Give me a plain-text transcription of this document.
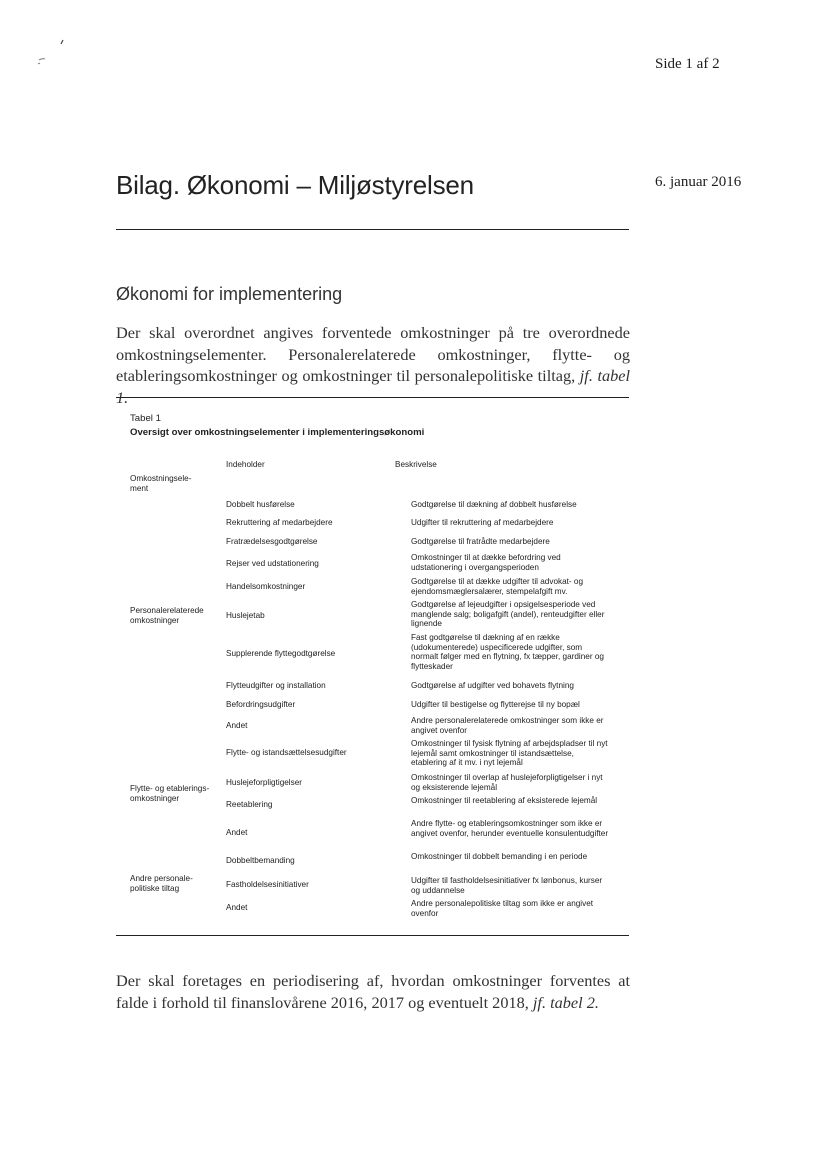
Side 1 af 2
6. januar 2016
Bilag. Økonomi – Miljøstyrelsen
Økonomi for implementering
Der skal overordnet angives forventede omkostninger på tre overordnede omkostningselementer. Personalerelaterede omkostninger, flytte- og etableringsomkostninger og omkostninger til personalepolitiske tiltag, jf. tabel 1.
Tabel 1
Oversigt over omkostningselementer i implementeringsøkonomi
Indeholder	Beskrivelse
Omkostningsele-ment
Personalerelaterede omkostninger
Flytte- og etablerings-omkostninger
Andre personale-politiske tiltag
Dobbelt husførelse
Rekruttering af medarbejdere
Fratrædelsesgodtgørelse
Rejser ved udstationering
Handelsomkostninger
Huslejetab
Supplerende flyttegodtgørelse
Flytteudgifter og installation
Befordringsudgifter
Andet
Flytte- og istandsættelsesudgifter
Huslejeforpligtigelser
Reetablering
Andet
Dobbeltbemanding
Fastholdelsesinitiativer
Andet
Godtgørelse til dækning af dobbelt husførelse
Udgifter til rekruttering af medarbejdere
Godtgørelse til fratrådte medarbejdere
Omkostninger til at dække befordring ved udstationering i overgangsperioden
Godtgørelse til at dække udgifter til advokat- og ejendomsmæglersalærer, stempelafgift mv.
Godtgørelse af lejeudgifter i opsigelsesperiode ved manglende salg; boligafgift (andel), renteudgifter eller lignende
Fast godtgørelse til dækning af en række (udokumenterede) uspecificerede udgifter, som normalt følger med en flytning, fx tæpper, gardiner og flytteskader
Godtgørelse af udgifter ved bohavets flytning
Udgifter til bestigelse og flytterejse til ny bopæl
Andre personalerelaterede omkostninger som ikke er angivet ovenfor
Omkostninger til fysisk flytning af arbejdspladser til nyt lejemål samt omkostninger til istandsættelse, etablering af it mv. i nyt lejemål
Omkostninger til overlap af huslejeforpligtigelser i nyt og eksisterende lejemål
Omkostninger til reetablering af eksisterede lejemål
Andre flytte- og etableringsomkostninger som ikke er angivet ovenfor, herunder eventuelle konsulentudgifter
Omkostninger til dobbelt bemanding i en periode
Udgifter til fastholdelsesinitiativer fx lønbonus, kurser og uddannelse
Andre personalepolitiske tiltag som ikke er angivet ovenfor
Der skal foretages en periodisering af, hvordan omkostninger forventes at falde i forhold til finanslovårene 2016, 2017 og eventuelt 2018, jf. tabel 2.
